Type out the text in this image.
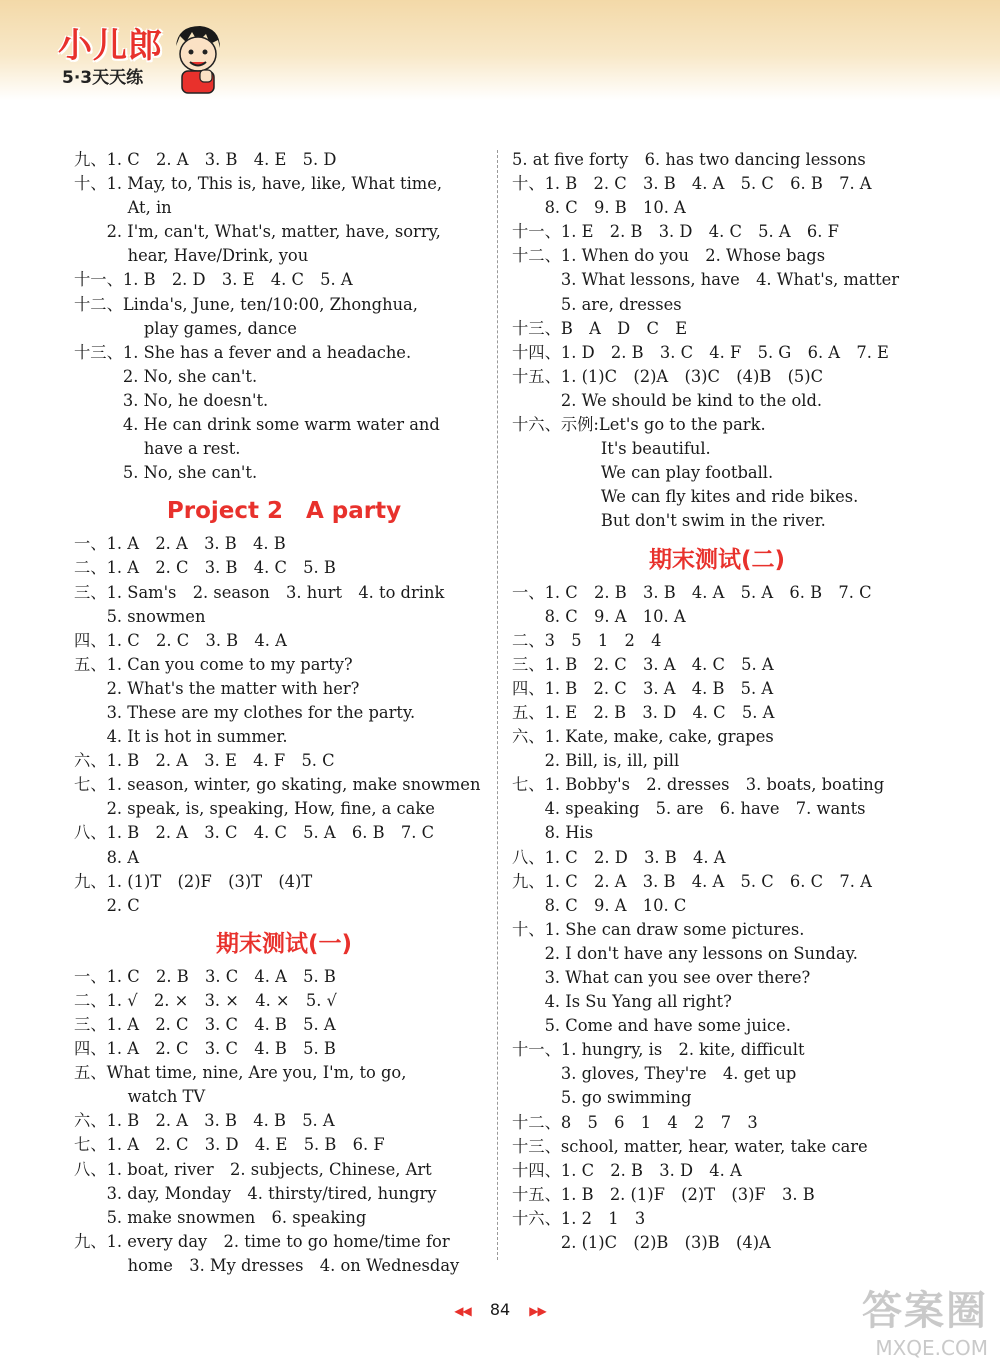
小儿郎
5·3天天练
九、 1. C　2. A　3. B　4. E　5. D
十、 1. May, to, This is, have, like, What time,
At, in
2. I'm, can't, What's, matter, have, sorry,
hear, Have/Drink, you
十一、 1. B　2. D　3. E　4. C　5. A
十二、 Linda's, June, ten/10:00, Zhonghua,
play games, dance
十三、 1. She has a fever and a headache.
2. No, she can't.
3. No, he doesn't.
4. He can drink some warm water and
have a rest.
5. No, she can't.
Project 2　A party
一、 1. A　2. A　3. B　4. B
二、 1. A　2. C　3. B　4. C　5. B
三、 1. Sam's　2. season　3. hurt　4. to drink
5. snowmen
四、 1. C　2. C　3. B　4. A
五、 1. Can you come to my party?
2. What's the matter with her?
3. These are my clothes for the party.
4. It is hot in summer.
六、 1. B　2. A　3. E　4. F　5. C
七、 1. season, winter, go skating, make snowmen
2. speak, is, speaking, How, fine, a cake
八、 1. B　2. A　3. C　4. C　5. A　6. B　7. C
8. A
九、 1. (1)T　(2)F　(3)T　(4)T
2. C
期末测试(一)
一、 1. C　2. B　3. C　4. A　5. B
二、 1. √　2. ×　3. ×　4. ×　5. √
三、 1. A　2. C　3. C　4. B　5. A
四、 1. A　2. C　3. C　4. B　5. B
五、 What time, nine, Are you, I'm, to go,
watch TV
六、 1. B　2. A　3. B　4. B　5. A
七、 1. A　2. C　3. D　4. E　5. B　6. F
八、 1. boat, river　2. subjects, Chinese, Art
3. day, Monday　4. thirsty/tired, hungry
5. make snowmen　6. speaking
九、 1. every day　2. time to go home/time for
home　3. My dresses　4. on Wednesday
5. at five forty　6. has two dancing lessons
十、 1. B　2. C　3. B　4. A　5. C　6. B　7. A
8. C　9. B　10. A
十一、 1. E　2. B　3. D　4. C　5. A　6. F
十二、 1. When do you　2. Whose bags
3. What lessons, have　4. What's, matter
5. are, dresses
十三、 B　A　D　C　E
十四、 1. D　2. B　3. C　4. F　5. G　6. A　7. E
十五、 1. (1)C　(2)A　(3)C　(4)B　(5)C
2. We should be kind to the old.
十六、 示例:Let's go to the park.
It's beautiful.
We can play football.
We can fly kites and ride bikes.
But don't swim in the river.
期末测试(二)
一、 1. C　2. B　3. B　4. A　5. A　6. B　7. C
8. C　9. A　10. A
二、 3　5　1　2　4
三、 1. B　2. C　3. A　4. C　5. A
四、 1. B　2. C　3. A　4. B　5. A
五、 1. E　2. B　3. D　4. C　5. A
六、 1. Kate, make, cake, grapes
2. Bill, is, ill, pill
七、 1. Bobby's　2. dresses　3. boats, boating
4. speaking　5. are　6. have　7. wants
8. His
八、 1. C　2. D　3. B　4. A
九、 1. C　2. A　3. B　4. A　5. C　6. C　7. A
8. C　9. A　10. C
十、 1. She can draw some pictures.
2. I don't have any lessons on Sunday.
3. What can you see over there?
4. Is Su Yang all right?
5. Come and have some juice.
十一、 1. hungry, is　2. kite, difficult
3. gloves, They're　4. get up
5. go swimming
十二、 8　5　6　1　4　2　7　3
十三、 school, matter, hear, water, take care
十四、 1. C　2. B　3. D　4. A
十五、 1. B　2. (1)F　(2)T　(3)F　3. B
十六、 1. 2　1　3
2. (1)C　(2)B　(3)B　(4)A
◀◀ 84 ▶▶	答案圈
MXQE.COM
